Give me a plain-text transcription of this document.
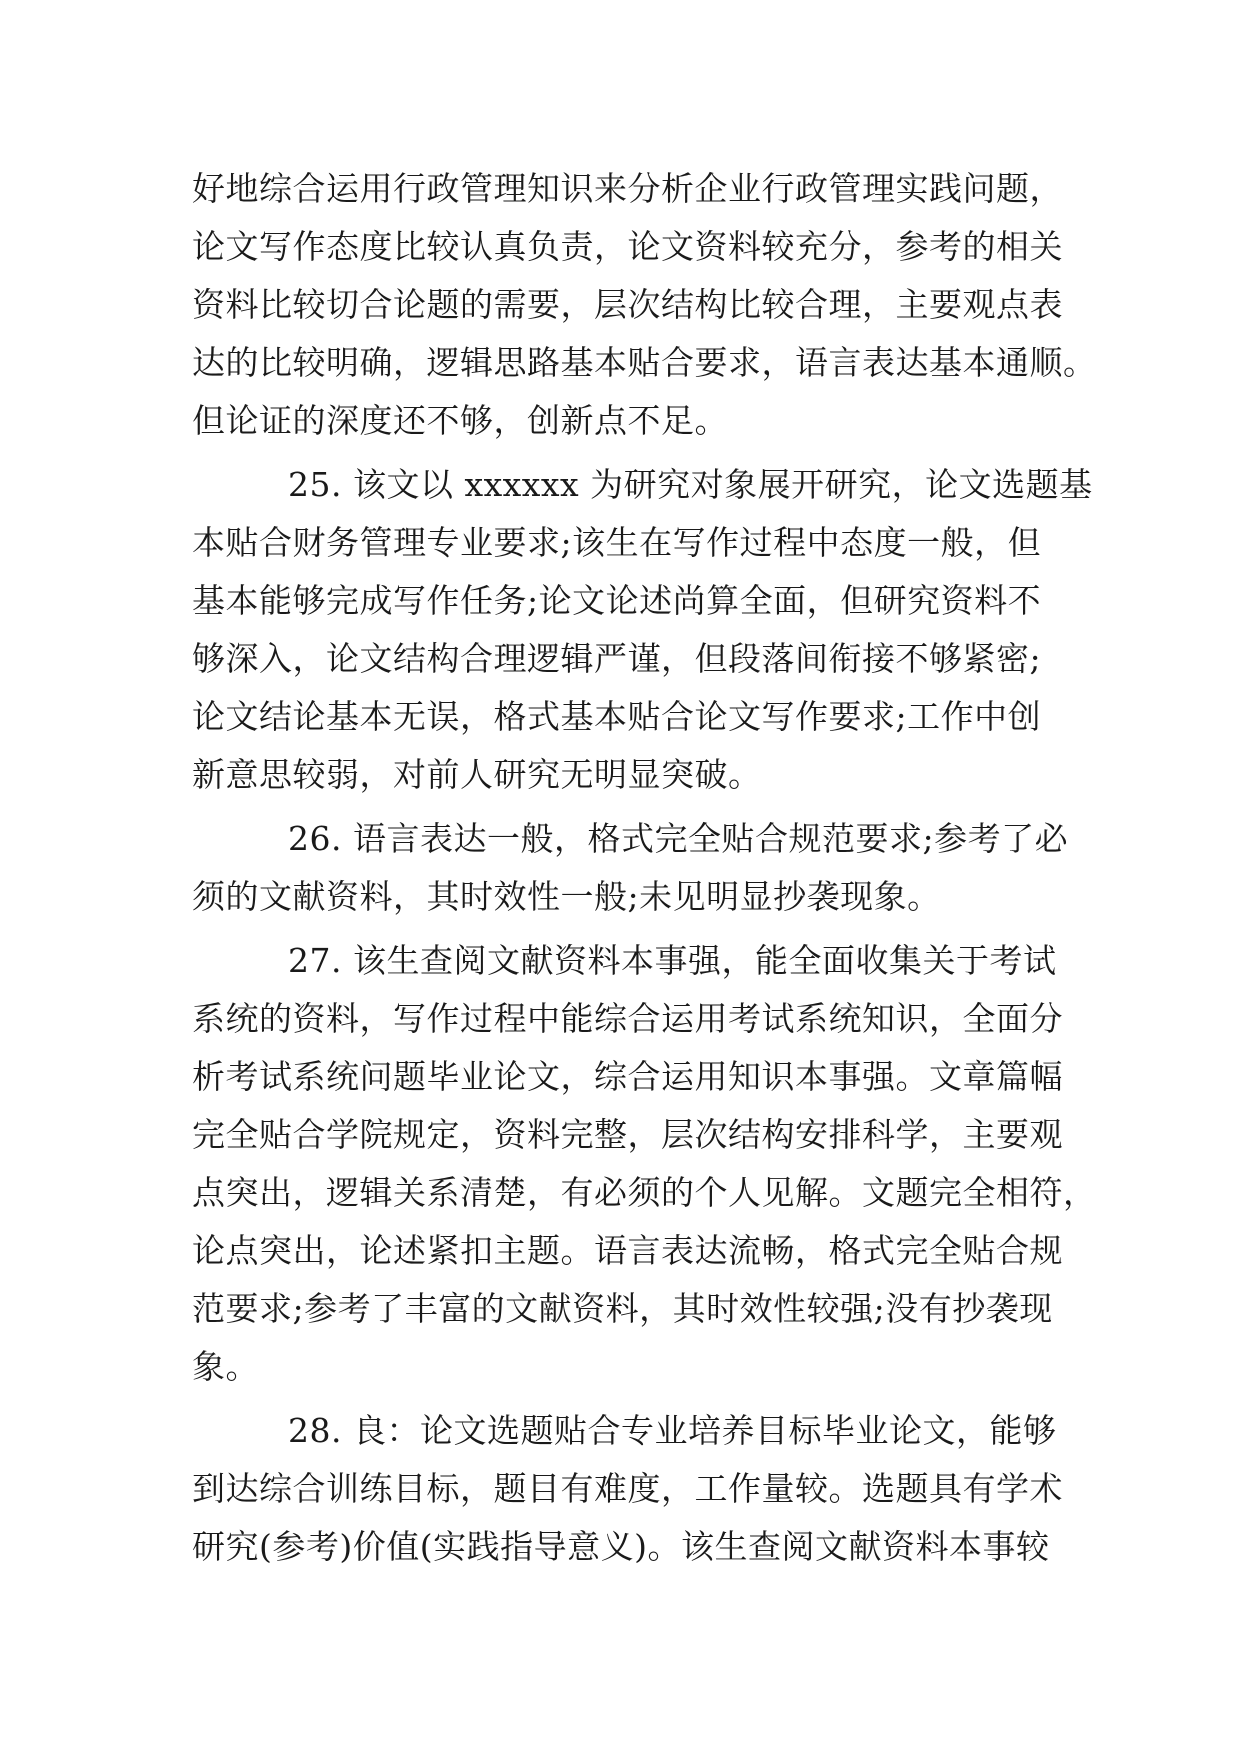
好地综合运用行政管理知识来分析企业行政管理实践问题，
论文写作态度比较认真负责，论文资料较充分，参考的相关
资料比较切合论题的需要，层次结构比较合理，主要观点表
达的比较明确，逻辑思路基本贴合要求，语言表达基本通顺。
但论证的深度还不够，创新点不足。
25. 该文以 xxxxxx 为研究对象展开研究，论文选题基
本贴合财务管理专业要求;该生在写作过程中态度一般，但
基本能够完成写作任务;论文论述尚算全面，但研究资料不
够深入，论文结构合理逻辑严谨，但段落间衔接不够紧密;
论文结论基本无误，格式基本贴合论文写作要求;工作中创
新意思较弱，对前人研究无明显突破。
26. 语言表达一般，格式完全贴合规范要求;参考了必
须的文献资料，其时效性一般;未见明显抄袭现象。
27. 该生查阅文献资料本事强，能全面收集关于考试
系统的资料，写作过程中能综合运用考试系统知识，全面分
析考试系统问题毕业论文，综合运用知识本事强。文章篇幅
完全贴合学院规定，资料完整，层次结构安排科学，主要观
点突出，逻辑关系清楚，有必须的个人见解。文题完全相符，
论点突出，论述紧扣主题。语言表达流畅，格式完全贴合规
范要求;参考了丰富的文献资料，其时效性较强;没有抄袭现
象。
28. 良：论文选题贴合专业培养目标毕业论文，能够
到达综合训练目标，题目有难度，工作量较。选题具有学术
研究(参考)价值(实践指导意义)。该生查阅文献资料本事较
